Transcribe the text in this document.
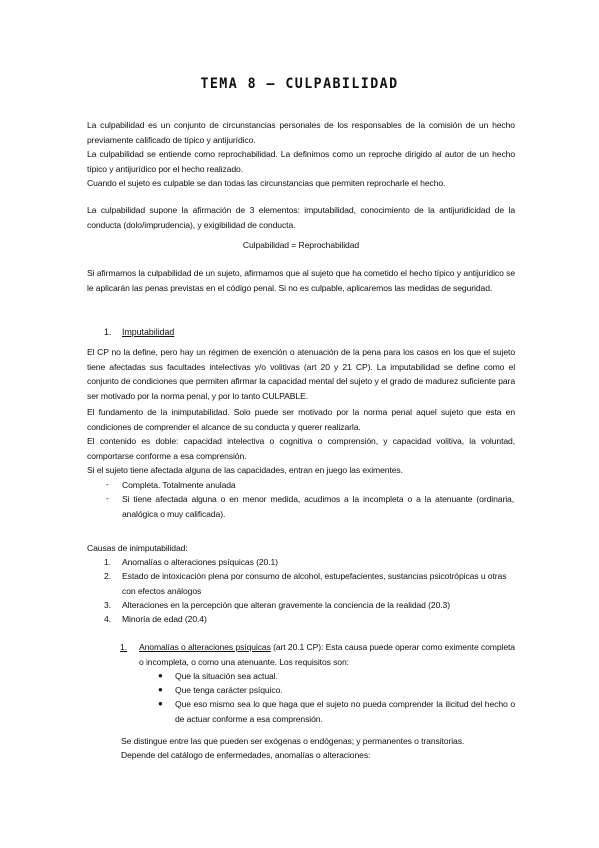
TEMA 8 – CULPABILIDAD
La culpabilidad es un conjunto de circunstancias personales de los responsables de la comisión de un hecho previamente calificado de típico y antijurídico.
La culpabilidad se entiende como reprochabilidad. La definimos como un reproche dirigido al autor de un hecho típico y antijurídico por el hecho realizado.
Cuando el sujeto es culpable se dan todas las circunstancias que permiten reprocharle el hecho.
La culpabilidad supone la afirmación de 3 elementos: imputabilidad, conocimiento de la antijuridicidad de la conducta (dolo/imprudencia), y exigibilidad de conducta.
Culpabilidad = Reprochabilidad
Si afirmamos la culpabilidad de un sujeto, afirmamos que al sujeto que ha cometido el hecho típico y antijurídico se le aplicarán las penas previstas en el código penal. Si no es culpable, aplicaremos las medidas de seguridad.
1. Imputabilidad
El CP no la define, pero hay un régimen de exención o atenuación de la pena para los casos en los que el sujeto tiene afectadas sus facultades intelectivas y/o volitivas (art 20 y 21 CP). La imputabilidad se define como el conjunto de condiciones que permiten afirmar la capacidad mental del sujeto y el grado de madurez suficiente para ser motivado por la norma penal, y por lo tanto CULPABLE.
El fundamento de la inimputabilidad. Solo puede ser motivado por la norma penal aquel sujeto que esta en condiciones de comprender el alcance de su conducta y querer realizarla.
El contenido es doble: capacidad intelectiva o cognitiva o comprensión, y capacidad volitiva, la voluntad, comportarse conforme a esa comprensión.
Si el sujeto tiene afectada alguna de las capacidades, entran en juego las eximentes.
- Completa. Totalmente anulada
- Si tiene afectada alguna o en menor medida, acudimos a la incompleta o a la atenuante (ordinaria, analógica o muy calificada).
Causas de inimputabilidad:
1. Anomalías o alteraciones psíquicas (20.1)
2. Estado de intoxicación plena por consumo de alcohol, estupefacientes, sustancias psicotrópicas u otras con efectos análogos
3. Alteraciones en la percepción que alteran gravemente la conciencia de la realidad (20.3)
4. Minoría de edad (20.4)
1. Anomalías o alteraciones psíquicas (art 20.1 CP): Esta causa puede operar como eximente completa o incompleta, o como una atenuante. Los requisitos son:
● Que la situación sea actual.
● Que tenga carácter psíquico.
● Que eso mismo sea lo que haga que el sujeto no pueda comprender la ilicitud del hecho o de actuar conforme a esa comprensión.
Se distingue entre las que pueden ser exógenas o endógenas; y permanentes o transitorias.
Depende del catálogo de enfermedades, anomalías o alteraciones:
